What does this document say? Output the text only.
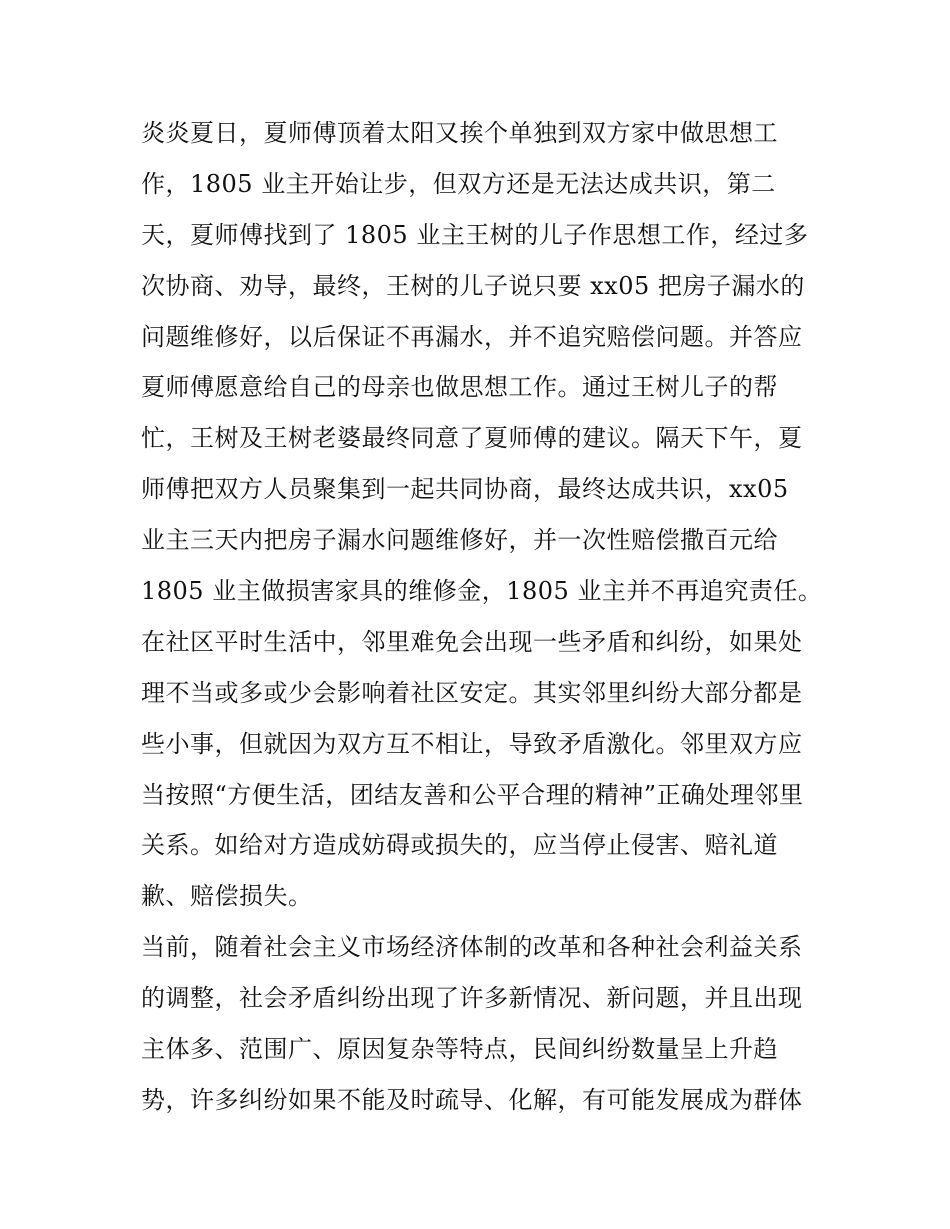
炎炎夏日，夏师傅顶着太阳又挨个单独到双方家中做思想工
作，1805 业主开始让步，但双方还是无法达成共识，第二
天，夏师傅找到了 1805 业主王树的儿子作思想工作，经过多
次协商、劝导，最终，王树的儿子说只要 xx05 把房子漏水的
问题维修好，以后保证不再漏水，并不追究赔偿问题。并答应
夏师傅愿意给自己的母亲也做思想工作。通过王树儿子的帮
忙，王树及王树老婆最终同意了夏师傅的建议。隔天下午，夏
师傅把双方人员聚集到一起共同协商，最终达成共识，xx05
业主三天内把房子漏水问题维修好，并一次性赔偿撒百元给
1805 业主做损害家具的维修金，1805 业主并不再追究责任。
在社区平时生活中，邻里难免会出现一些矛盾和纠纷，如果处
理不当或多或少会影响着社区安定。其实邻里纠纷大部分都是
些小事，但就因为双方互不相让，导致矛盾激化。邻里双方应
当按照“方便生活，团结友善和公平合理的精神”正确处理邻里
关系。如给对方造成妨碍或损失的，应当停止侵害、赔礼道
歉、赔偿损失。
当前，随着社会主义市场经济体制的改革和各种社会利益关系
的调整，社会矛盾纠纷出现了许多新情况、新问题，并且出现
主体多、范围广、原因复杂等特点，民间纠纷数量呈上升趋
势，许多纠纷如果不能及时疏导、化解，有可能发展成为群体
